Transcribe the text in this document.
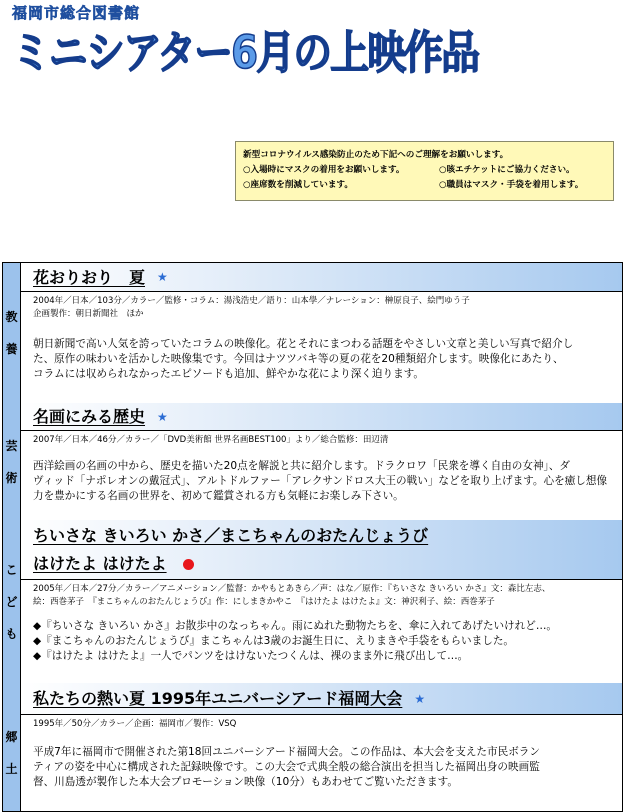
福岡市総合図書館
ミニシアター6月の上映作品
新型コロナウイルス感染防止のため下記へのご理解をお願いします。
○入場時にマスクの着用をお願いします。	○咳エチケットにご協力ください。
○座席数を削減しています。	○職員はマスク・手袋を着用します。
教
養
花おりおり　夏 ★
2004年／日本／103分／カラー／監修・コラム：湯浅浩史／語り：山本學／ナレーション：榊原良子、絵門ゆう子
企画製作：朝日新聞社　ほか
朝日新聞で高い人気を誇っていたコラムの映像化。花とそれにまつわる話題をやさしい文章と美しい写真で紹介し
た、原作の味わいを活かした映像集です。今回はナツツバキ等の夏の花を20種類紹介します。映像化にあたり、
コラムには収められなかったエピソードも追加、鮮やかな花により深く迫ります。
芸
術
名画にみる歴史 ★
2007年／日本／46分／カラー／「DVD美術館 世界名画BEST100」より／総合監修：田辺清
西洋絵画の名画の中から、歴史を描いた20点を解説と共に紹介します。ドラクロワ「民衆を導く自由の女神」、ダ
ヴィッド「ナポレオンの戴冠式」、アルトドルファー「アレクサンドロス大王の戦い」などを取り上げます。心を癒し想像
力を豊かにする名画の世界を、初めて鑑賞される方も気軽にお楽しみ下さい。
こ
ど
も
ちいさな きいろい かさ／まこちゃんのおたんじょうび
はけたよ はけたよ
2005年／日本／27分／カラー／アニメーション／監督：かやもとあきら／声：はな／原作：『ちいさな きいろい かさ』文：森比左志、
絵：西巻茅子　『まこちゃんのおたんじょうび』作：にしまきかやこ　『はけたよ はけたよ』文：神沢利子、絵：西巻茅子
◆『ちいさな きいろい かさ』お散歩中のなっちゃん。雨にぬれた動物たちを、傘に入れてあげたいけれど…。
◆『まこちゃんのおたんじょうび』まこちゃんは3歳のお誕生日に、えりまきや手袋をもらいました。
◆『はけたよ はけたよ』一人でパンツをはけないたつくんは、裸のまま外に飛び出して…。
郷
土
私たちの熱い夏 1995年ユニバーシアード福岡大会 ★
1995年／50分／カラー／企画：福岡市／製作：VSQ
平成7年に福岡市で開催された第18回ユニバーシアード福岡大会。この作品は、本大会を支えた市民ボラン
ティアの姿を中心に構成された記録映像です。この大会で式典全般の総合演出を担当した福岡出身の映画監
督、川島透が製作した本大会プロモーション映像（10分）もあわせてご覧いただきます。
